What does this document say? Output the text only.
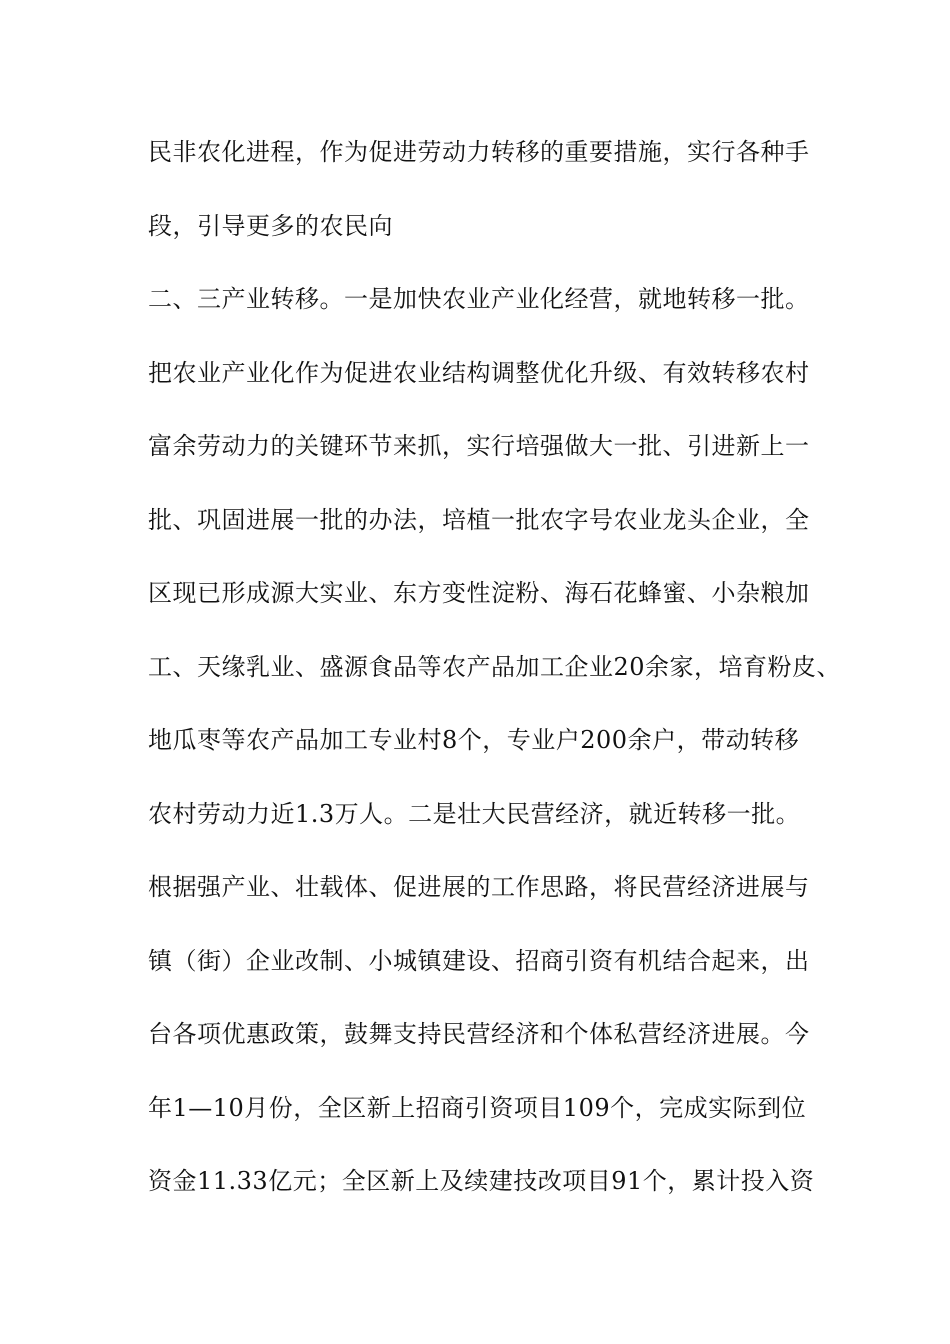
民非农化进程，作为促进劳动力转移的重要措施，实行各种手
段，引导更多的农民向
二、三产业转移。一是加快农业产业化经营，就地转移一批。
把农业产业化作为促进农业结构调整优化升级、有效转移农村
富余劳动力的关键环节来抓，实行培强做大一批、引进新上一
批、巩固进展一批的办法，培植一批农字号农业龙头企业，全
区现已形成源大实业、东方变性淀粉、海石花蜂蜜、小杂粮加
工、天缘乳业、盛源食品等农产品加工企业20余家，培育粉皮、
地瓜枣等农产品加工专业村8个，专业户200余户，带动转移
农村劳动力近1.3万人。二是壮大民营经济，就近转移一批。
根据强产业、壮载体、促进展的工作思路，将民营经济进展与
镇（街）企业改制、小城镇建设、招商引资有机结合起来，出
台各项优惠政策，鼓舞支持民营经济和个体私营经济进展。今
年1—10月份，全区新上招商引资项目109个，完成实际到位
资金11.33亿元；全区新上及续建技改项目91个，累计投入资
